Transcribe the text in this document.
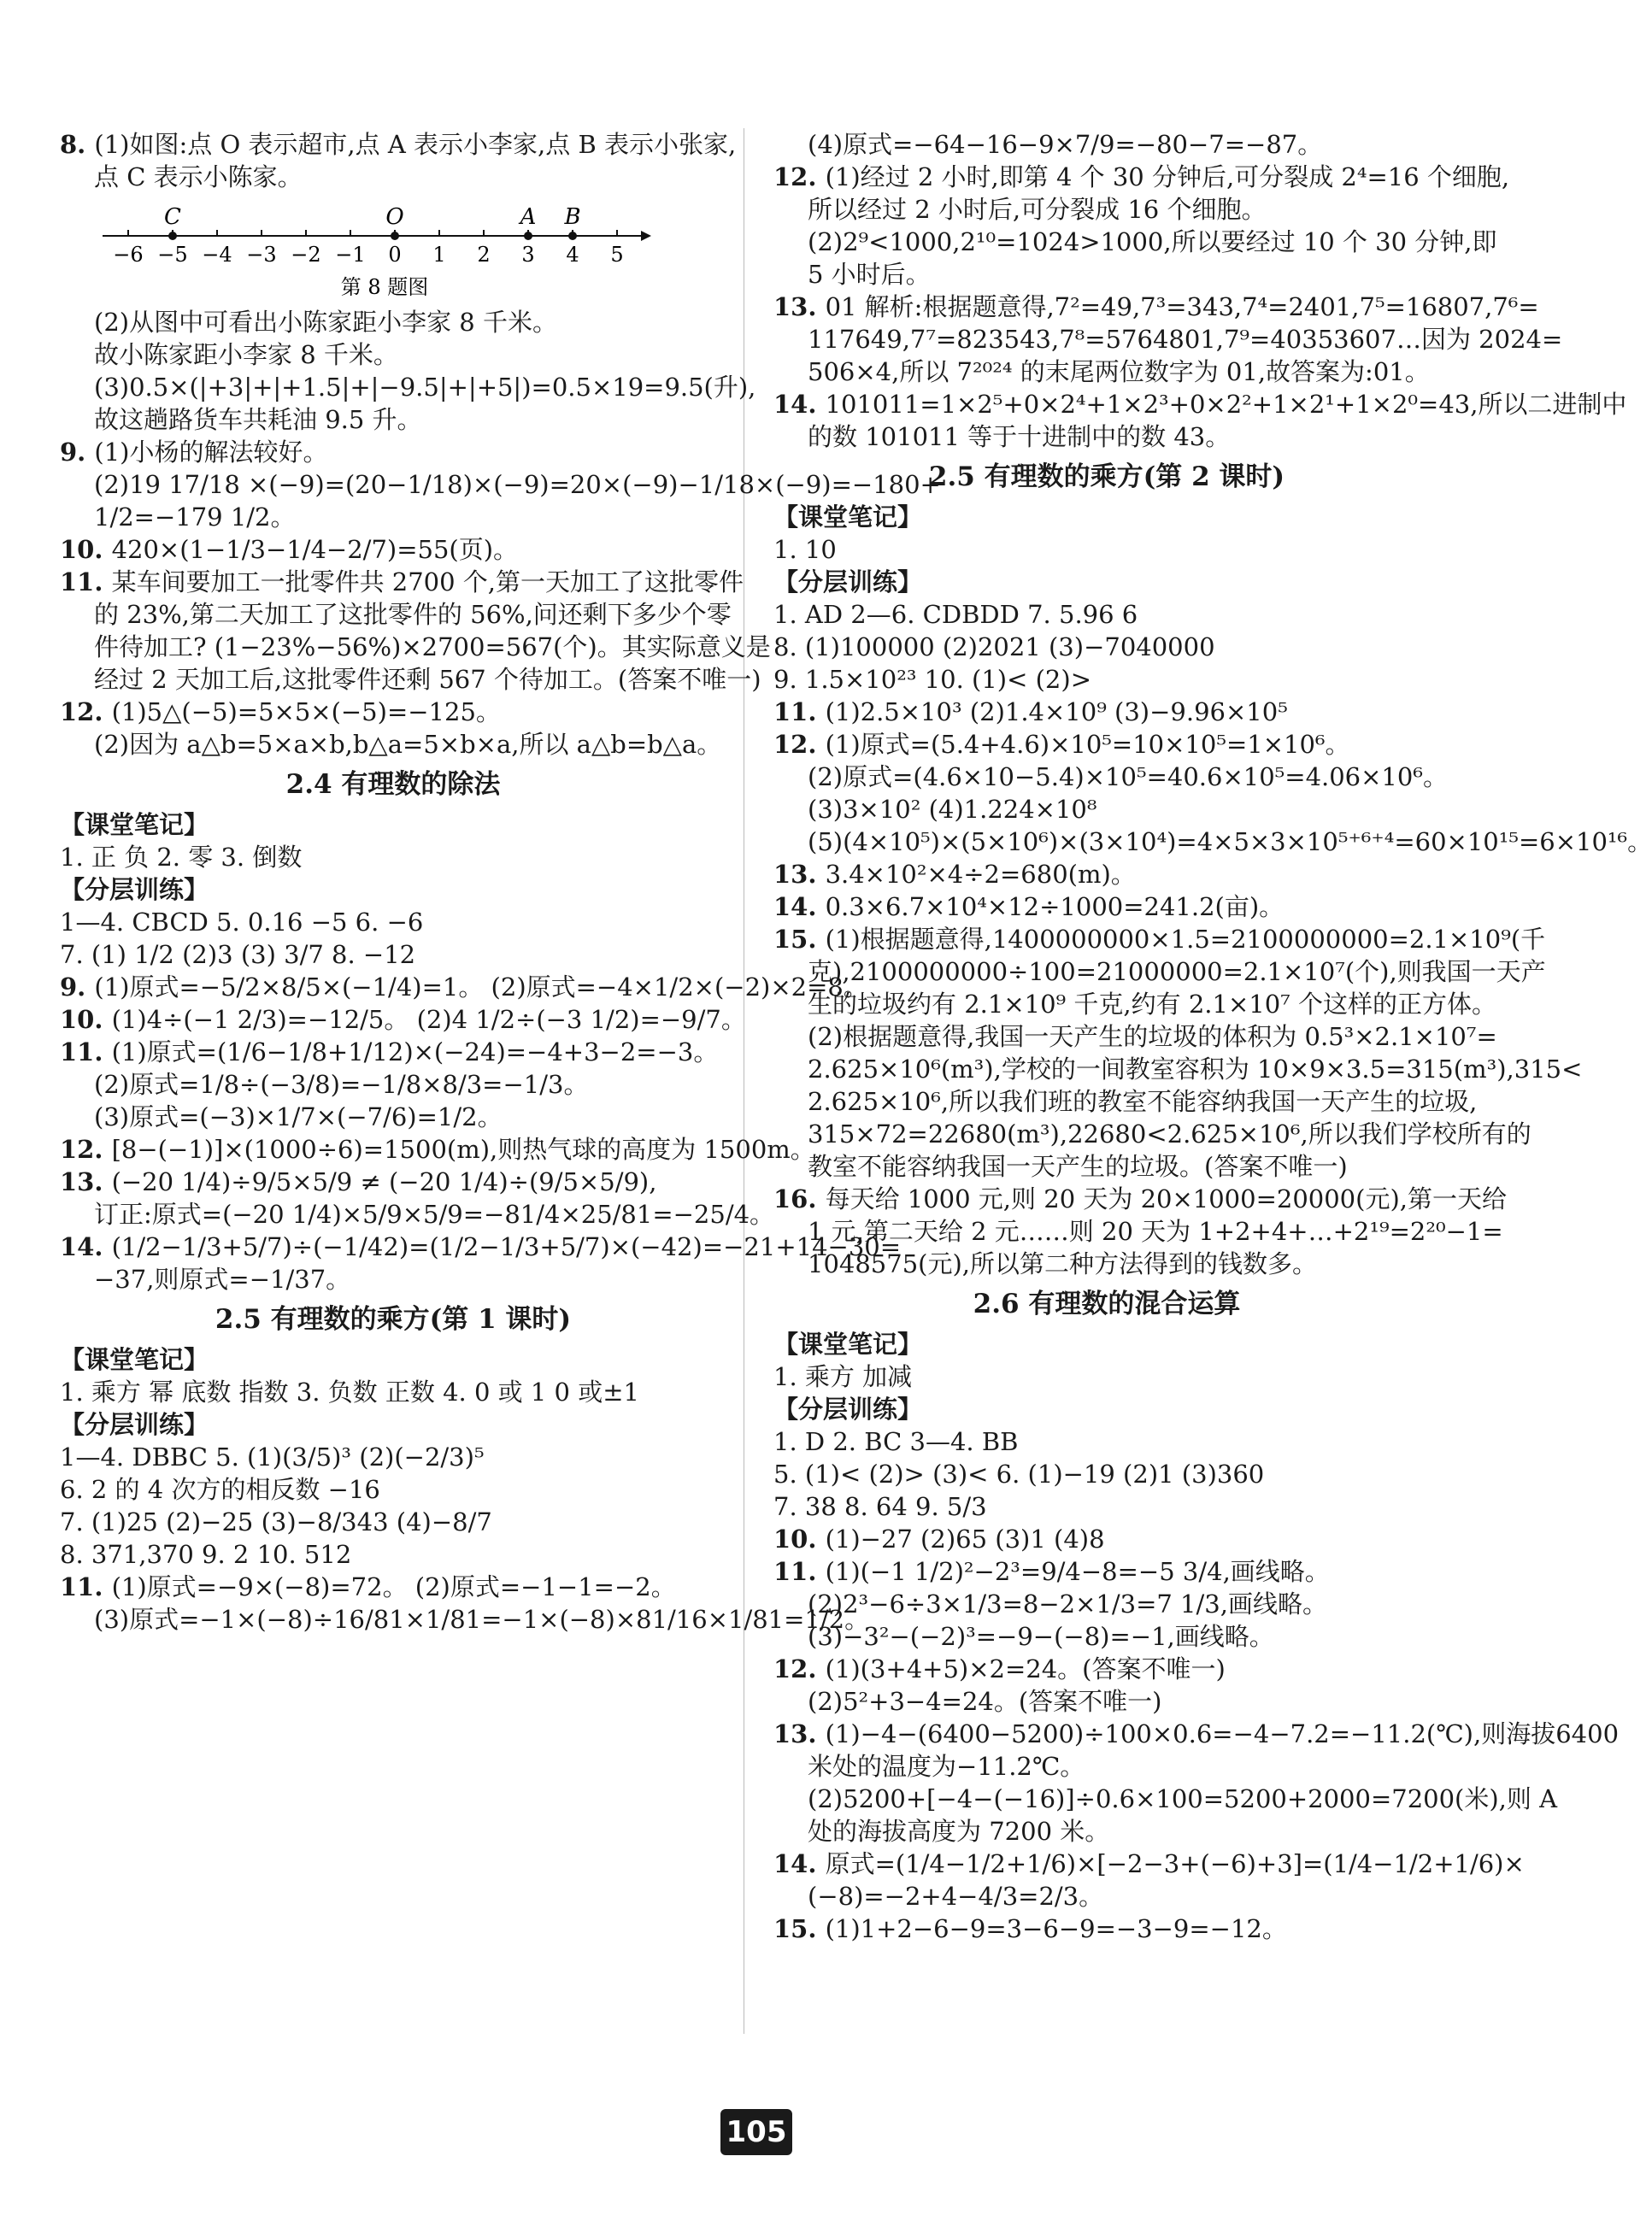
8. (1)如图:点 O 表示超市,点 A 表示小李家,点 B 表示小张家,
点 C 表示小陈家。
−6 −5 −4 −3 −2 −1 0 1 2 3 4 5
C	O	A B
第 8 题图
(2)从图中可看出小陈家距小李家 8 千米。
故小陈家距小李家 8 千米。
(3)0.5×(|+3|+|+1.5|+|−9.5|+|+5|)=0.5×19=9.5(升),
故这趟路货车共耗油 9.5 升。
9. (1)小杨的解法较好。
(2)19 17/18 ×(−9)=(20−1/18)×(−9)=20×(−9)−1/18×(−9)=−180+
1/2=−179 1/2。
10. 420×(1−1/3−1/4−2/7)=55(页)。
11. 某车间要加工一批零件共 2700 个,第一天加工了这批零件
的 23%,第二天加工了这批零件的 56%,问还剩下多少个零
件待加工? (1−23%−56%)×2700=567(个)。其实际意义是
经过 2 天加工后,这批零件还剩 567 个待加工。(答案不唯一)
12. (1)5△(−5)=5×5×(−5)=−125。
(2)因为 a△b=5×a×b,b△a=5×b×a,所以 a△b=b△a。
2.4 有理数的除法
【课堂笔记】
1. 正 负 2. 零 3. 倒数
【分层训练】
1—4. CBCD 5. 0.16 −5 6. −6
7. (1) 1/2 (2)3 (3) 3/7 8. −12
9. (1)原式=−5/2×8/5×(−1/4)=1。 (2)原式=−4×1/2×(−2)×2=8。
10. (1)4÷(−1 2/3)=−12/5。 (2)4 1/2÷(−3 1/2)=−9/7。
11. (1)原式=(1/6−1/8+1/12)×(−24)=−4+3−2=−3。
(2)原式=1/8÷(−3/8)=−1/8×8/3=−1/3。
(3)原式=(−3)×1/7×(−7/6)=1/2。
12. [8−(−1)]×(1000÷6)=1500(m),则热气球的高度为 1500m。
13. (−20 1/4)÷9/5×5/9 ≠ (−20 1/4)÷(9/5×5/9),
订正:原式=(−20 1/4)×5/9×5/9=−81/4×25/81=−25/4。
14. (1/2−1/3+5/7)÷(−1/42)=(1/2−1/3+5/7)×(−42)=−21+14−30=
−37,则原式=−1/37。
2.5 有理数的乘方(第 1 课时)
【课堂笔记】
1. 乘方 幂 底数 指数 3. 负数 正数 4. 0 或 1 0 或±1
【分层训练】
1—4. DBBC 5. (1)(3/5)³ (2)(−2/3)⁵
6. 2 的 4 次方的相反数 −16
7. (1)25 (2)−25 (3)−8/343 (4)−8/7
8. 371,370 9. 2 10. 512
11. (1)原式=−9×(−8)=72。 (2)原式=−1−1=−2。
(3)原式=−1×(−8)÷16/81×1/81=−1×(−8)×81/16×1/81=1/2。
(4)原式=−64−16−9×7/9=−80−7=−87。
12. (1)经过 2 小时,即第 4 个 30 分钟后,可分裂成 2⁴=16 个细胞,
所以经过 2 小时后,可分裂成 16 个细胞。
(2)2⁹<1000,2¹⁰=1024>1000,所以要经过 10 个 30 分钟,即
5 小时后。
13. 01 解析:根据题意得,7²=49,7³=343,7⁴=2401,7⁵=16807,7⁶=
117649,7⁷=823543,7⁸=5764801,7⁹=40353607…因为 2024=
506×4,所以 7²⁰²⁴ 的末尾两位数字为 01,故答案为:01。
14. 101011=1×2⁵+0×2⁴+1×2³+0×2²+1×2¹+1×2⁰=43,所以二进制中
的数 101011 等于十进制中的数 43。
2.5 有理数的乘方(第 2 课时)
【课堂笔记】
1. 10
【分层训练】
1. AD 2—6. CDBDD 7. 5.96 6
8. (1)100000 (2)2021 (3)−7040000
9. 1.5×10²³ 10. (1)< (2)>
11. (1)2.5×10³ (2)1.4×10⁹ (3)−9.96×10⁵
12. (1)原式=(5.4+4.6)×10⁵=10×10⁵=1×10⁶。
(2)原式=(4.6×10−5.4)×10⁵=40.6×10⁵=4.06×10⁶。
(3)3×10² (4)1.224×10⁸
(5)(4×10⁵)×(5×10⁶)×(3×10⁴)=4×5×3×10⁵⁺⁶⁺⁴=60×10¹⁵=6×10¹⁶。
13. 3.4×10²×4÷2=680(m)。
14. 0.3×6.7×10⁴×12÷1000=241.2(亩)。
15. (1)根据题意得,1400000000×1.5=2100000000=2.1×10⁹(千
克),2100000000÷100=21000000=2.1×10⁷(个),则我国一天产
生的垃圾约有 2.1×10⁹ 千克,约有 2.1×10⁷ 个这样的正方体。
(2)根据题意得,我国一天产生的垃圾的体积为 0.5³×2.1×10⁷=
2.625×10⁶(m³),学校的一间教室容积为 10×9×3.5=315(m³),315<
2.625×10⁶,所以我们班的教室不能容纳我国一天产生的垃圾,
315×72=22680(m³),22680<2.625×10⁶,所以我们学校所有的
教室不能容纳我国一天产生的垃圾。(答案不唯一)
16. 每天给 1000 元,则 20 天为 20×1000=20000(元),第一天给
1 元,第二天给 2 元……则 20 天为 1+2+4+…+2¹⁹=2²⁰−1=
1048575(元),所以第二种方法得到的钱数多。
2.6 有理数的混合运算
【课堂笔记】
1. 乘方 加减
【分层训练】
1. D 2. BC 3—4. BB
5. (1)< (2)> (3)< 6. (1)−19 (2)1 (3)360
7. 38 8. 64 9. 5/3
10. (1)−27 (2)65 (3)1 (4)8
11. (1)(−1 1/2)²−2³=9/4−8=−5 3/4,画线略。
(2)2³−6÷3×1/3=8−2×1/3=7 1/3,画线略。
(3)−3²−(−2)³=−9−(−8)=−1,画线略。
12. (1)(3+4+5)×2=24。(答案不唯一)
(2)5²+3−4=24。(答案不唯一)
13. (1)−4−(6400−5200)÷100×0.6=−4−7.2=−11.2(℃),则海拔6400
米处的温度为−11.2℃。
(2)5200+[−4−(−16)]÷0.6×100=5200+2000=7200(米),则 A
处的海拔高度为 7200 米。
14. 原式=(1/4−1/2+1/6)×[−2−3+(−6)+3]=(1/4−1/2+1/6)×
(−8)=−2+4−4/3=2/3。
15. (1)1+2−6−9=3−6−9=−3−9=−12。
105
